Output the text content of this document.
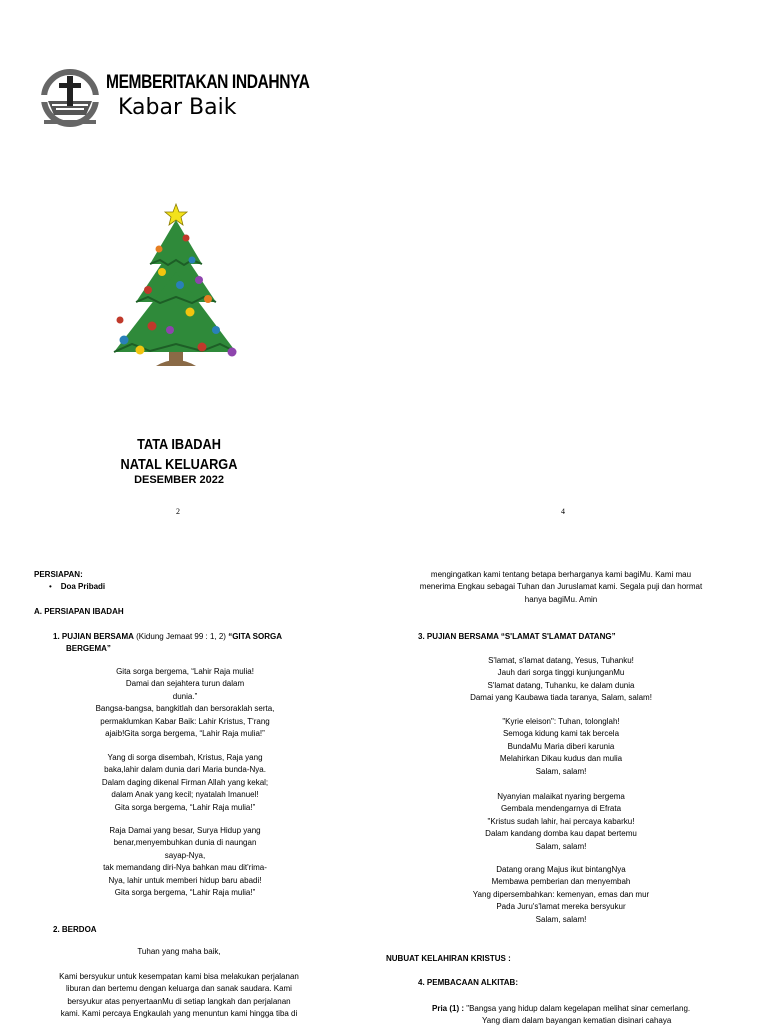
MEMBERITAKAN INDAHNYA
Kabar Baik
TATA IBADAH
NATAL KELUARGA
DESEMBER 2022
2	4
PERSIAPAN:
• Doa Pribadi
A. PERSIAPAN IBADAH
1. PUJIAN BERSAMA (Kidung Jemaat 99 : 1, 2) “GITA SORGA
BERGEMA”
Gita sorga bergema, “Lahir Raja mulia!
Damai dan sejahtera turun dalam
dunia.”
Bangsa-bangsa, bangkitlah dan bersoraklah serta,
permaklumkan Kabar Baik: Lahir Kristus, T'rang
ajaib!Gita sorga bergema, “Lahir Raja mulia!”
Yang di sorga disembah, Kristus, Raja yang
baka,lahir dalam dunia dari Maria bunda-Nya.
Dalam daging dikenal Firman Allah yang kekal;
dalam Anak yang kecil; nyatalah Imanuel!
Gita sorga bergema, “Lahir Raja mulia!”
Raja Damai yang besar, Surya Hidup yang
benar,menyembuhkan dunia di naungan
sayap-Nya,
tak memandang diri-Nya bahkan mau dit'rima-
Nya, lahir untuk memberi hidup baru abadi!
Gita sorga bergema, “Lahir Raja mulia!”
2. BERDOA
Tuhan yang maha baik,
Kami bersyukur untuk kesempatan kami bisa melakukan perjalanan
liburan dan bertemu dengan keluarga dan sanak saudara. Kami
bersyukur atas penyertaanMu di setiap langkah dan perjalanan
kami. Kami percaya Engkaulah yang menuntun kami hingga tiba di
mengingatkan kami tentang betapa berharganya kami bagiMu. Kami mau
menerima Engkau sebagai Tuhan dan Juruslamat kami. Segala puji dan hormat
hanya bagiMu. Amin
3. PUJIAN BERSAMA “S'LAMAT S'LAMAT DATANG”
S'lamat, s'lamat datang, Yesus, Tuhanku!
Jauh dari sorga tinggi kunjunganMu
S'lamat datang, Tuhanku, ke dalam dunia
Damai yang Kaubawa tiada taranya, Salam, salam!
"Kyrie eleison": Tuhan, tolonglah!
Semoga kidung kami tak bercela
BundaMu Maria diberi karunia
Melahirkan Dikau kudus dan mulia
Salam, salam!
Nyanyian malaikat nyaring bergema
Gembala mendengarnya di Efrata
"Kristus sudah lahir, hai percaya kabarku!
Dalam kandang domba kau dapat bertemu
Salam, salam!
Datang orang Majus ikut bintangNya
Membawa pemberian dan menyembah
Yang dipersembahkan: kemenyan, emas dan mur
Pada Juru's'lamat mereka bersyukur
Salam, salam!
NUBUAT KELAHIRAN KRISTUS :
4. PEMBACAAN ALKITAB:
Pria (1) : "Bangsa yang hidup dalam kegelapan melihat sinar cemerlang.
Yang diam dalam bayangan kematian disinari cahaya
